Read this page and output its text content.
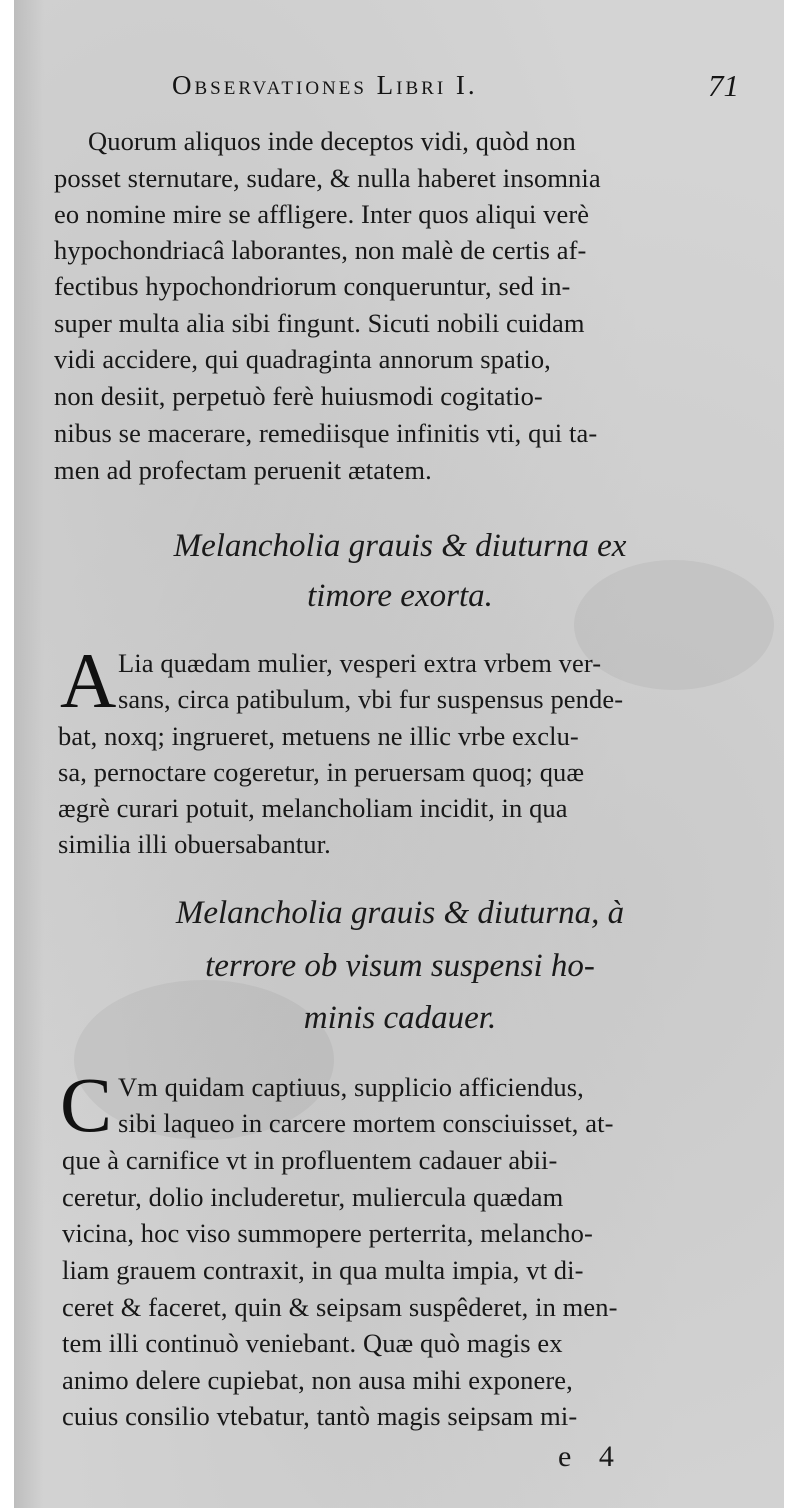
Observationes Libri I.	71
Quorum aliquos inde deceptos vidi, quòd non
posset sternutare, sudare, & nulla haberet insomnia
eo nomine mire se affligere. Inter quos aliqui verè
hypochondriacâ laborantes, non malè de certis af-
fectibus hypochondriorum conqueruntur, sed in-
super multa alia sibi fingunt. Sicuti nobili cuidam
vidi accidere, qui quadraginta annorum spatio,
non desiit, perpetuò ferè huiusmodi cogitatio-
nibus se macerare, remediisque infinitis vti, qui ta-
men ad profectam peruenit ætatem.
Melancholia grauis & diuturna ex
timore exorta.
A Lia quædam mulier, vesperi extra vrbem ver-
sans, circa patibulum, vbi fur suspensus pende-
bat, noxq; ingrueret, metuens ne illic vrbe exclu-
sa, pernoctare cogeretur, in peruersam quoq; quæ
ægrè curari potuit, melancholiam incidit, in qua
similia illi obuersabantur.
Melancholia grauis & diuturna, à
terrore ob visum suspensi ho-
minis cadauer.
C Vm quidam captiuus, supplicio afficiendus,
sibi laqueo in carcere mortem consciuisset, at-
que à carnifice vt in profluentem cadauer abii-
ceretur, dolio includeretur, muliercula quædam
vicina, hoc viso summopere perterrita, melancho-
liam grauem contraxit, in qua multa impia, vt di-
ceret & faceret, quin & seipsam suspêderet, in men-
tem illi continuò veniebant. Quæ quò magis ex
animo delere cupiebat, non ausa mihi exponere,
cuius consilio vtebatur, tantò magis seipsam mi-
e 4
